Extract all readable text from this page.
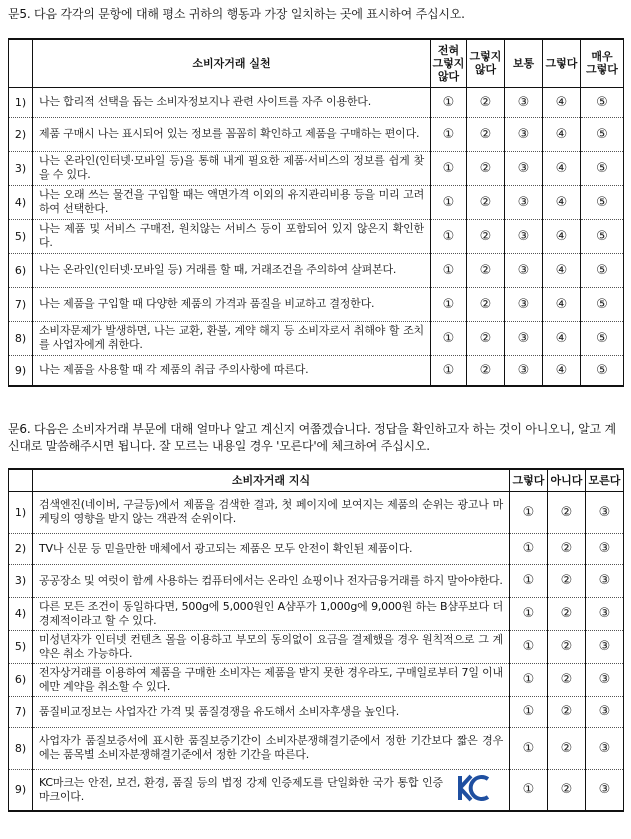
문5. 다음 각각의 문항에 대해 평소 귀하의 행동과 가장 일치하는 곳에 표시하여 주십시오.
	소비자거래 실천	전혀
그렇지
않다	그렇지
않다	보통	그렇다	매우
그렇다
1)	나는 합리적 선택을 돕는 소비자정보지나 관련 사이트를 자주 이용한다.	①	②	③	④	⑤
2)	제품 구매시 나는 표시되어 있는 정보를 꼼꼼히 확인하고 제품을 구매하는 편이다.	①	②	③	④	⑤
3)	나는 온라인(인터넷·모바일 등)을 통해 내게 필요한 제품·서비스의 정보를 쉽게 찾을 수 있다.	①	②	③	④	⑤
4)	나는 오래 쓰는 물건을 구입할 때는 액면가격 이외의 유지관리비용 등을 미리 고려하여 선택한다.	①	②	③	④	⑤
5)	나는 제품 및 서비스 구매전, 원치않는 서비스 등이 포함되어 있지 않은지 확인한다.	①	②	③	④	⑤
6)	나는 온라인(인터넷·모바일 등) 거래를 할 때, 거래조건을 주의하여 살펴본다.	①	②	③	④	⑤
7)	나는 제품을 구입할 때 다양한 제품의 가격과 품질을 비교하고 결정한다.	①	②	③	④	⑤
8)	소비자문제가 발생하면, 나는 교환, 환불, 계약 해지 등 소비자로서 취해야 할 조치를 사업자에게 취한다.	①	②	③	④	⑤
9)	나는 제품을 사용할 때 각 제품의 취급 주의사항에 따른다.	①	②	③	④	⑤
문6. 다음은 소비자거래 부문에 대해 얼마나 알고 계신지 여쭙겠습니다. 정답을 확인하고자 하는 것이 아니오니, 알고 계신대로 말씀해주시면 됩니다. 잘 모르는 내용일 경우 '모른다'에 체크하여 주십시오.
	소비자거래 지식	그렇다	아니다	모른다
1)	검색엔진(네이버, 구글등)에서 제품을 검색한 결과, 첫 페이지에 보여지는 제품의 순위는 광고나 마케팅의 영향을 받지 않는 객관적 순위이다.	①	②	③
2)	TV나 신문 등 믿을만한 매체에서 광고되는 제품은 모두 안전이 확인된 제품이다.	①	②	③
3)	공공장소 및 여럿이 함께 사용하는 컴퓨터에서는 온라인 쇼핑이나 전자금융거래를 하지 말아야한다.	①	②	③
4)	다른 모든 조건이 동일하다면, 500g에 5,000원인 A샴푸가 1,000g에 9,000원 하는 B샴푸보다 더 경제적이라고 할 수 있다.	①	②	③
5)	미성년자가 인터넷 컨텐츠 몰을 이용하고 부모의 동의없이 요금을 결제했을 경우 원칙적으로 그 계약은 취소 가능하다.	①	②	③
6)	전자상거래를 이용하여 제품을 구매한 소비자는 제품을 받지 못한 경우라도, 구매일로부터 7일 이내에만 계약을 취소할 수 있다.	①	②	③
7)	품질비교정보는 사업자간 가격 및 품질경쟁을 유도해서 소비자후생을 높인다.	①	②	③
8)	사업자가 품질보증서에 표시한 품질보증기간이 소비자분쟁해결기준에서 정한 기간보다 짧은 경우에는 품목별 소비자분쟁해결기준에서 정한 기간을 따른다.	①	②	③
9)	KC마크는 안전, 보건, 환경, 품질 등의 법정 강제 인증제도를 단일화한 국가 통합 인증 마크이다.	①	②	③
